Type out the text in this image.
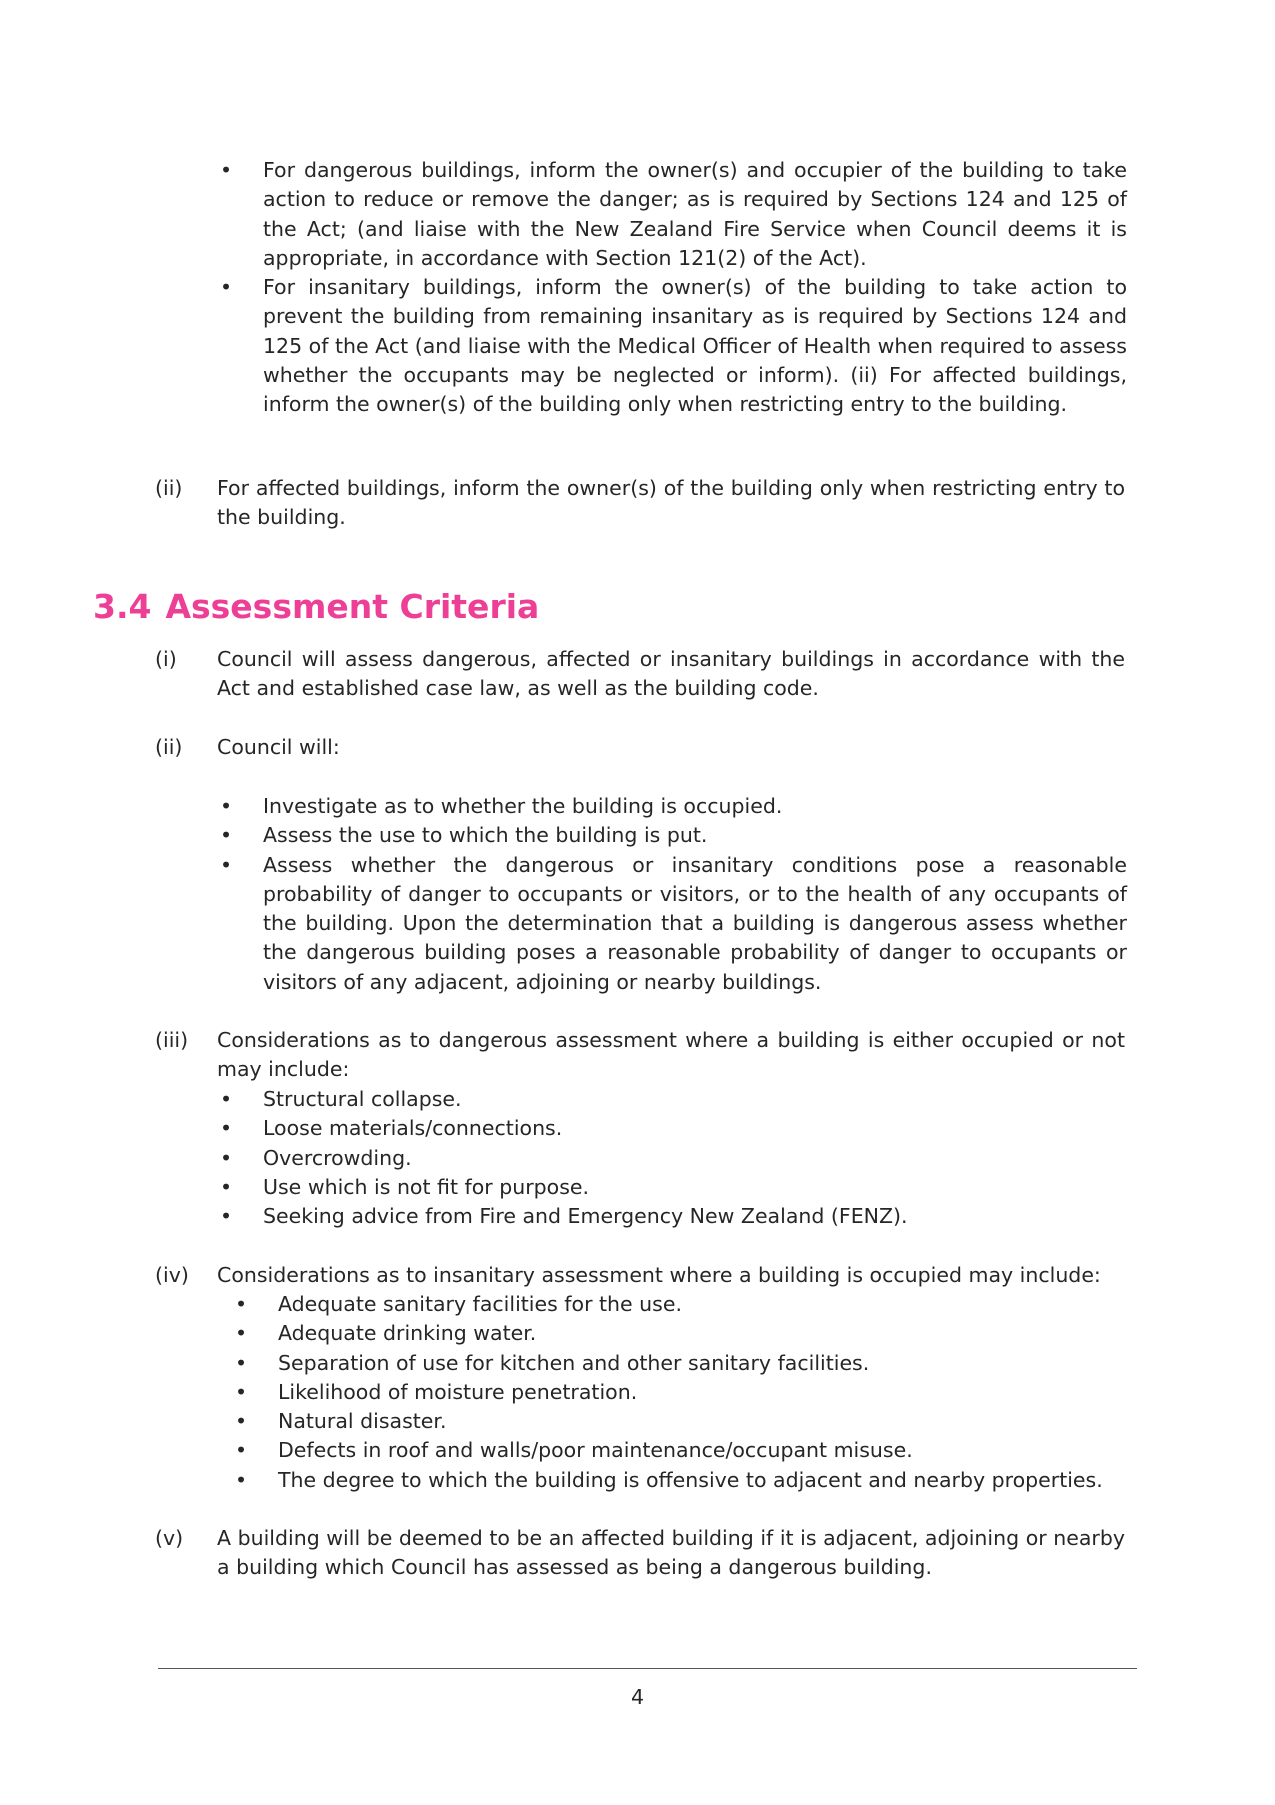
• For dangerous buildings, inform the owner(s) and occupier of the building to take action to reduce or remove the danger; as is required by Sections 124 and 125 of the Act; (and liaise with the New Zealand Fire Service when Council deems it is appropriate, in accordance with Section 121(2) of the Act).
• For insanitary buildings, inform the owner(s) of the building to take action to prevent the building from remaining insanitary as is required by Sections 124 and 125 of the Act (and liaise with the Medical Officer of Health when required to assess whether the occupants may be neglected or inform). (ii) For affected buildings, inform the owner(s) of the building only when restricting entry to the building.
(ii)	For affected buildings, inform the owner(s) of the building only when restricting entry to the building.
3.4 Assessment Criteria
(i)	Council will assess dangerous, affected or insanitary buildings in accordance with the Act and established case law, as well as the building code.
(ii)	Council will:
• Investigate as to whether the building is occupied.
• Assess the use to which the building is put.
• Assess whether the dangerous or insanitary conditions pose a reasonable probability of danger to occupants or visitors, or to the health of any occupants of the building. Upon the determination that a building is dangerous assess whether the dangerous building poses a reasonable probability of danger to occupants or visitors of any adjacent, adjoining or nearby buildings.
(iii)	Considerations as to dangerous assessment where a building is either occupied or not may include:
• Structural collapse.
• Loose materials/connections.
• Overcrowding.
• Use which is not fit for purpose.
• Seeking advice from Fire and Emergency New Zealand (FENZ).
(iv)	Considerations as to insanitary assessment where a building is occupied may include:
• Adequate sanitary facilities for the use.
• Adequate drinking water.
• Separation of use for kitchen and other sanitary facilities.
• Likelihood of moisture penetration.
• Natural disaster.
• Defects in roof and walls/poor maintenance/occupant misuse.
• The degree to which the building is offensive to adjacent and nearby properties.
(v)	A building will be deemed to be an affected building if it is adjacent, adjoining or nearby a building which Council has assessed as being a dangerous building.
4
